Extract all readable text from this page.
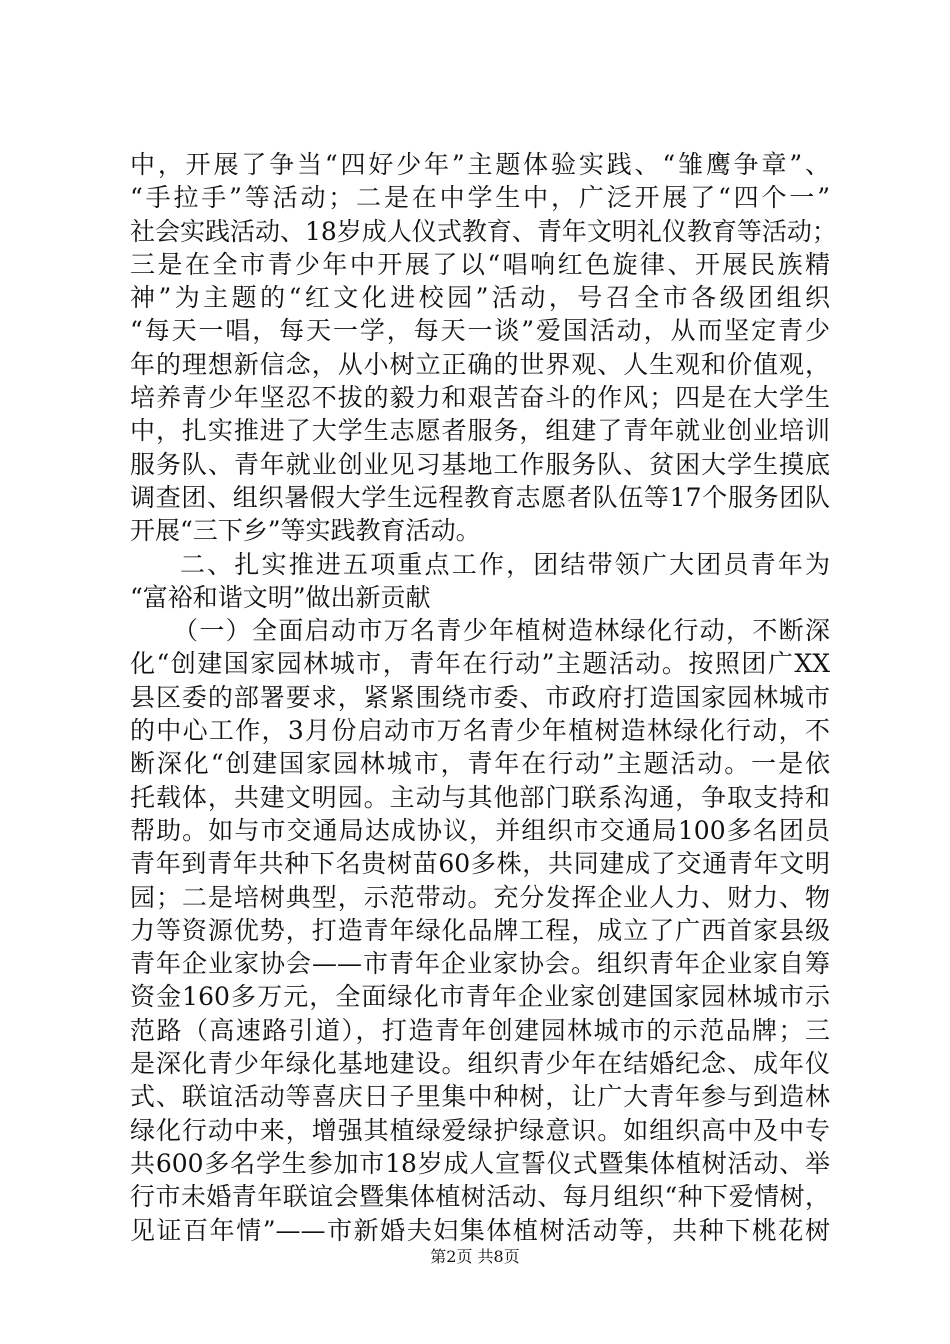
中，开展了争当“四好少年”主题体验实践、“雏鹰争章”、
“手拉手”等活动；二是在中学生中，广泛开展了“四个一”
社会实践活动、18岁成人仪式教育、青年文明礼仪教育等活动；
三是在全市青少年中开展了以“唱响红色旋律、开展民族精
神”为主题的“红文化进校园”活动，号召全市各级团组织
“每天一唱，每天一学，每天一谈”爱国活动，从而坚定青少
年的理想新信念，从小树立正确的世界观、人生观和价值观，
培养青少年坚忍不拔的毅力和艰苦奋斗的作风；四是在大学生
中，扎实推进了大学生志愿者服务，组建了青年就业创业培训
服务队、青年就业创业见习基地工作服务队、贫困大学生摸底
调查团、组织暑假大学生远程教育志愿者队伍等17个服务团队
开展“三下乡”等实践教育活动。
二、扎实推进五项重点工作，团结带领广大团员青年为
“富裕和谐文明”做出新贡献
（一）全面启动市万名青少年植树造林绿化行动，不断深
化“创建国家园林城市，青年在行动”主题活动。按照团广XX
县区委的部署要求，紧紧围绕市委、市政府打造国家园林城市
的中心工作，3月份启动市万名青少年植树造林绿化行动，不
断深化“创建国家园林城市，青年在行动”主题活动。一是依
托载体，共建文明园。主动与其他部门联系沟通，争取支持和
帮助。如与市交通局达成协议，并组织市交通局100多名团员
青年到青年共种下名贵树苗60多株，共同建成了交通青年文明
园；二是培树典型，示范带动。充分发挥企业人力、财力、物
力等资源优势，打造青年绿化品牌工程，成立了广西首家县级
青年企业家协会——市青年企业家协会。组织青年企业家自筹
资金160多万元，全面绿化市青年企业家创建国家园林城市示
范路（高速路引道），打造青年创建园林城市的示范品牌；三
是深化青少年绿化基地建设。组织青少年在结婚纪念、成年仪
式、联谊活动等喜庆日子里集中种树，让广大青年参与到造林
绿化行动中来，增强其植绿爱绿护绿意识。如组织高中及中专
共600多名学生参加市18岁成人宣誓仪式暨集体植树活动、举
行市未婚青年联谊会暨集体植树活动、每月组织“种下爱情树，
见证百年情”——市新婚夫妇集体植树活动等，共种下桃花树
第2页 共8页
